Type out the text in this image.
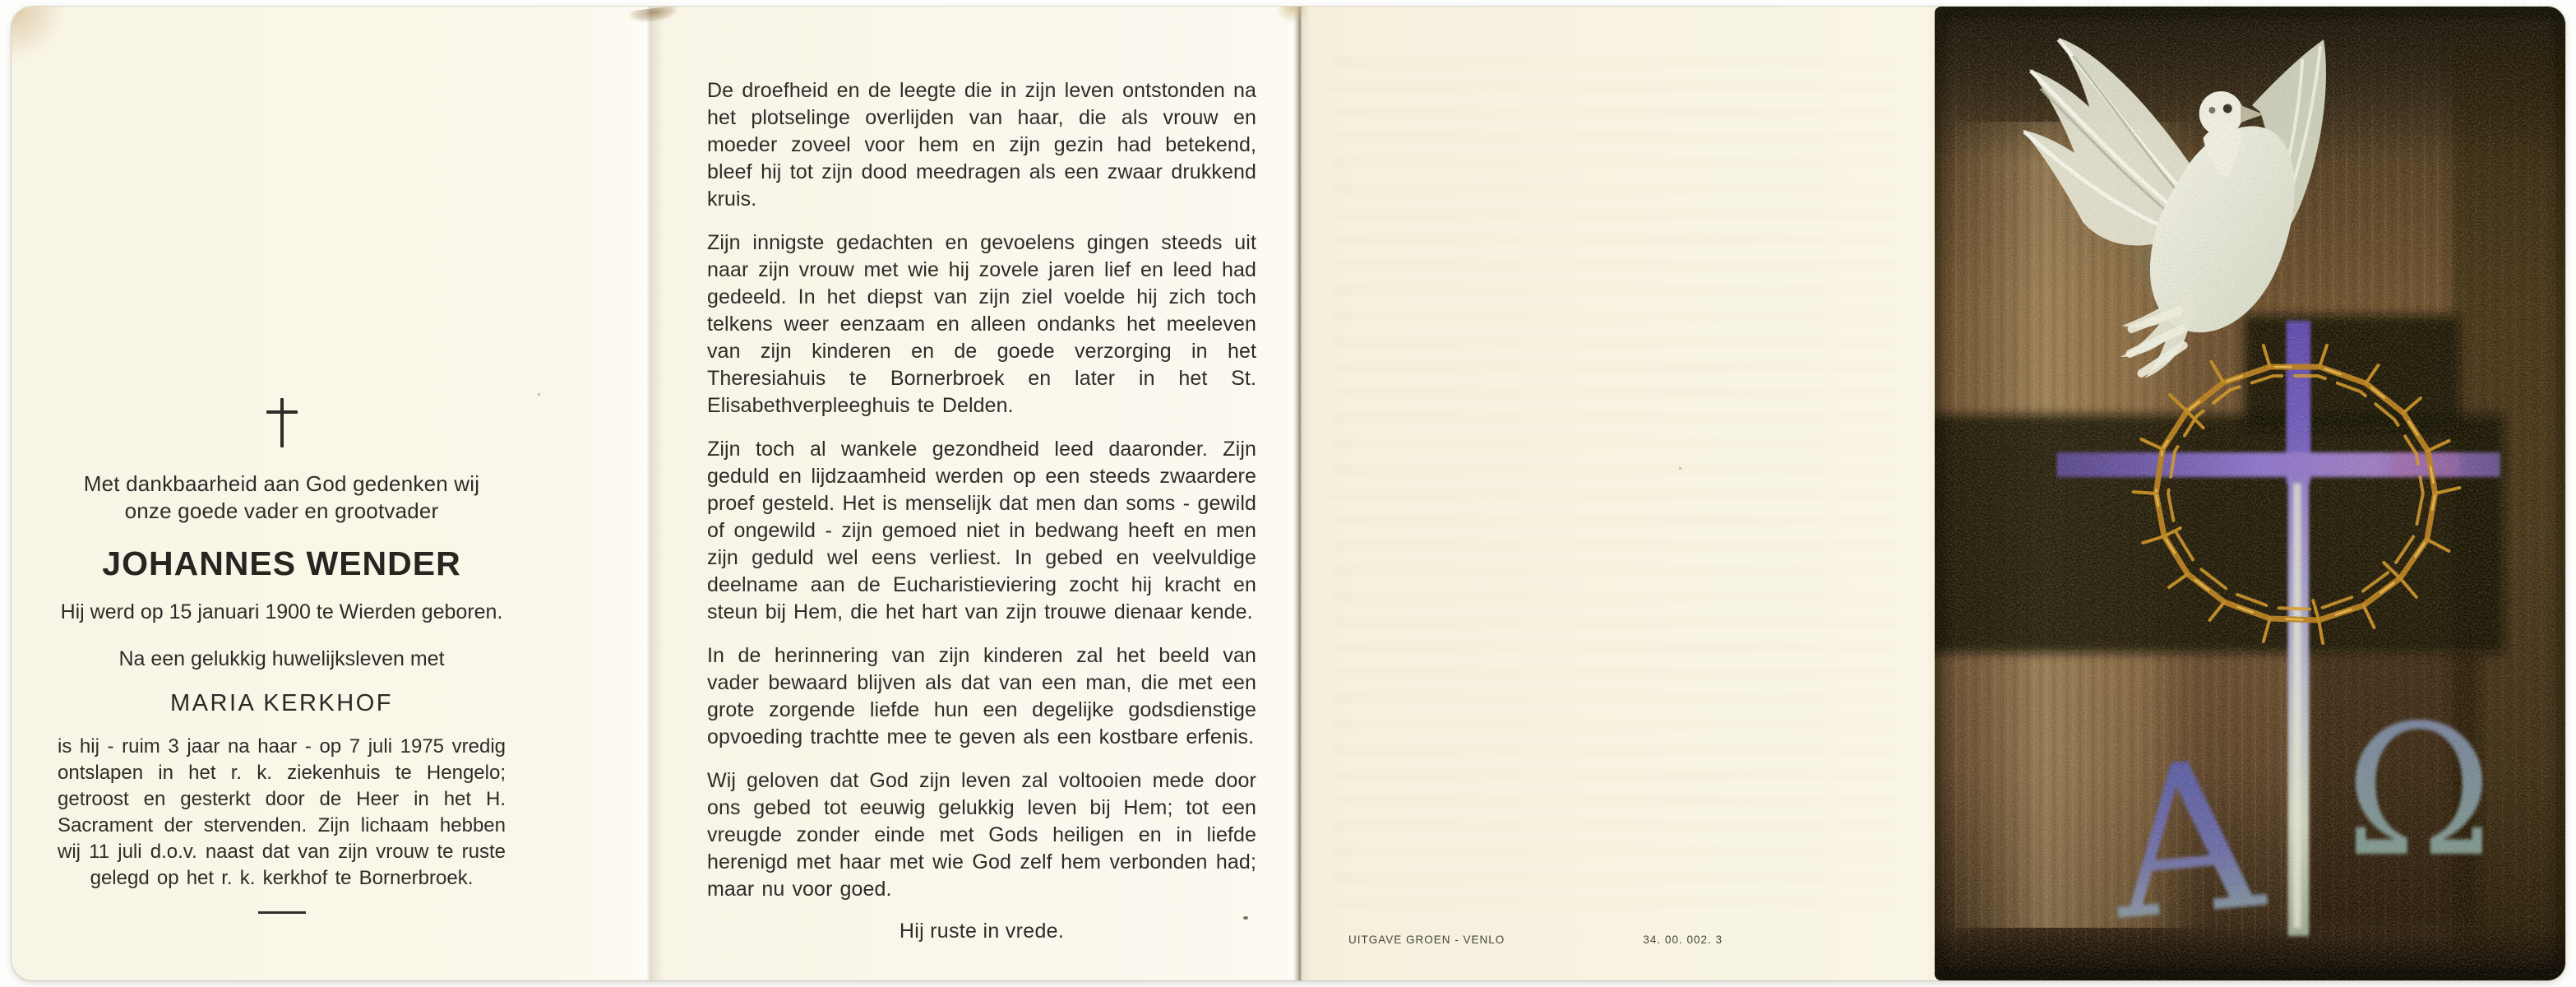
Met dankbaarheid aan God gedenken wij
onze goede vader en grootvader
JOHANNES WENDER
Hij werd op 15 januari 1900 te Wierden geboren.
Na een gelukkig huwelijksleven met
MARIA KERKHOF
is hij - ruim 3 jaar na haar - op 7 juli 1975 vredig ontslapen in het r. k. ziekenhuis te Hengelo; getroost en gesterkt door de Heer in het H. Sacrament der stervenden. Zijn lichaam hebben wij 11 juli d.o.v. naast dat van zijn vrouw te ruste gelegd op het r. k. kerkhof te Bornerbroek.

De droefheid en de leegte die in zijn leven ontstonden na het plotselinge overlijden van haar, die als vrouw en moeder zoveel voor hem en zijn gezin had betekend, bleef hij tot zijn dood meedragen als een zwaar drukkend kruis.

Zijn innigste gedachten en gevoelens gingen steeds uit naar zijn vrouw met wie hij zovele jaren lief en leed had gedeeld. In het diepst van zijn ziel voelde hij zich toch telkens weer eenzaam en alleen ondanks het meeleven van zijn kinderen en de goede verzorging in het Theresiahuis te Bornerbroek en later in het St. Elisabethverpleeghuis te Delden.

Zijn toch al wankele gezondheid leed daaronder. Zijn geduld en lijdzaamheid werden op een steeds zwaardere proef gesteld. Het is menselijk dat men dan soms - gewild of ongewild - zijn gemoed niet in bedwang heeft en men zijn geduld wel eens verliest. In gebed en veelvuldige deelname aan de Eucharistieviering zocht hij kracht en steun bij Hem, die het hart van zijn trouwe dienaar kende.

In de herinnering van zijn kinderen zal het beeld van vader bewaard blijven als dat van een man, die met een grote zorgende liefde hun een degelijke godsdienstige opvoeding trachtte mee te geven als een kostbare erfenis.

Wij geloven dat God zijn leven zal voltooien mede door ons gebed tot eeuwig gelukkig leven bij Hem; tot een vreugde zonder einde met Gods heiligen en in liefde herenigd met haar met wie God zelf hem verbonden had; maar nu voor goed.

Hij ruste in vrede.	UITGAVE GROEN - VENLO	34. 00. 002. 3
